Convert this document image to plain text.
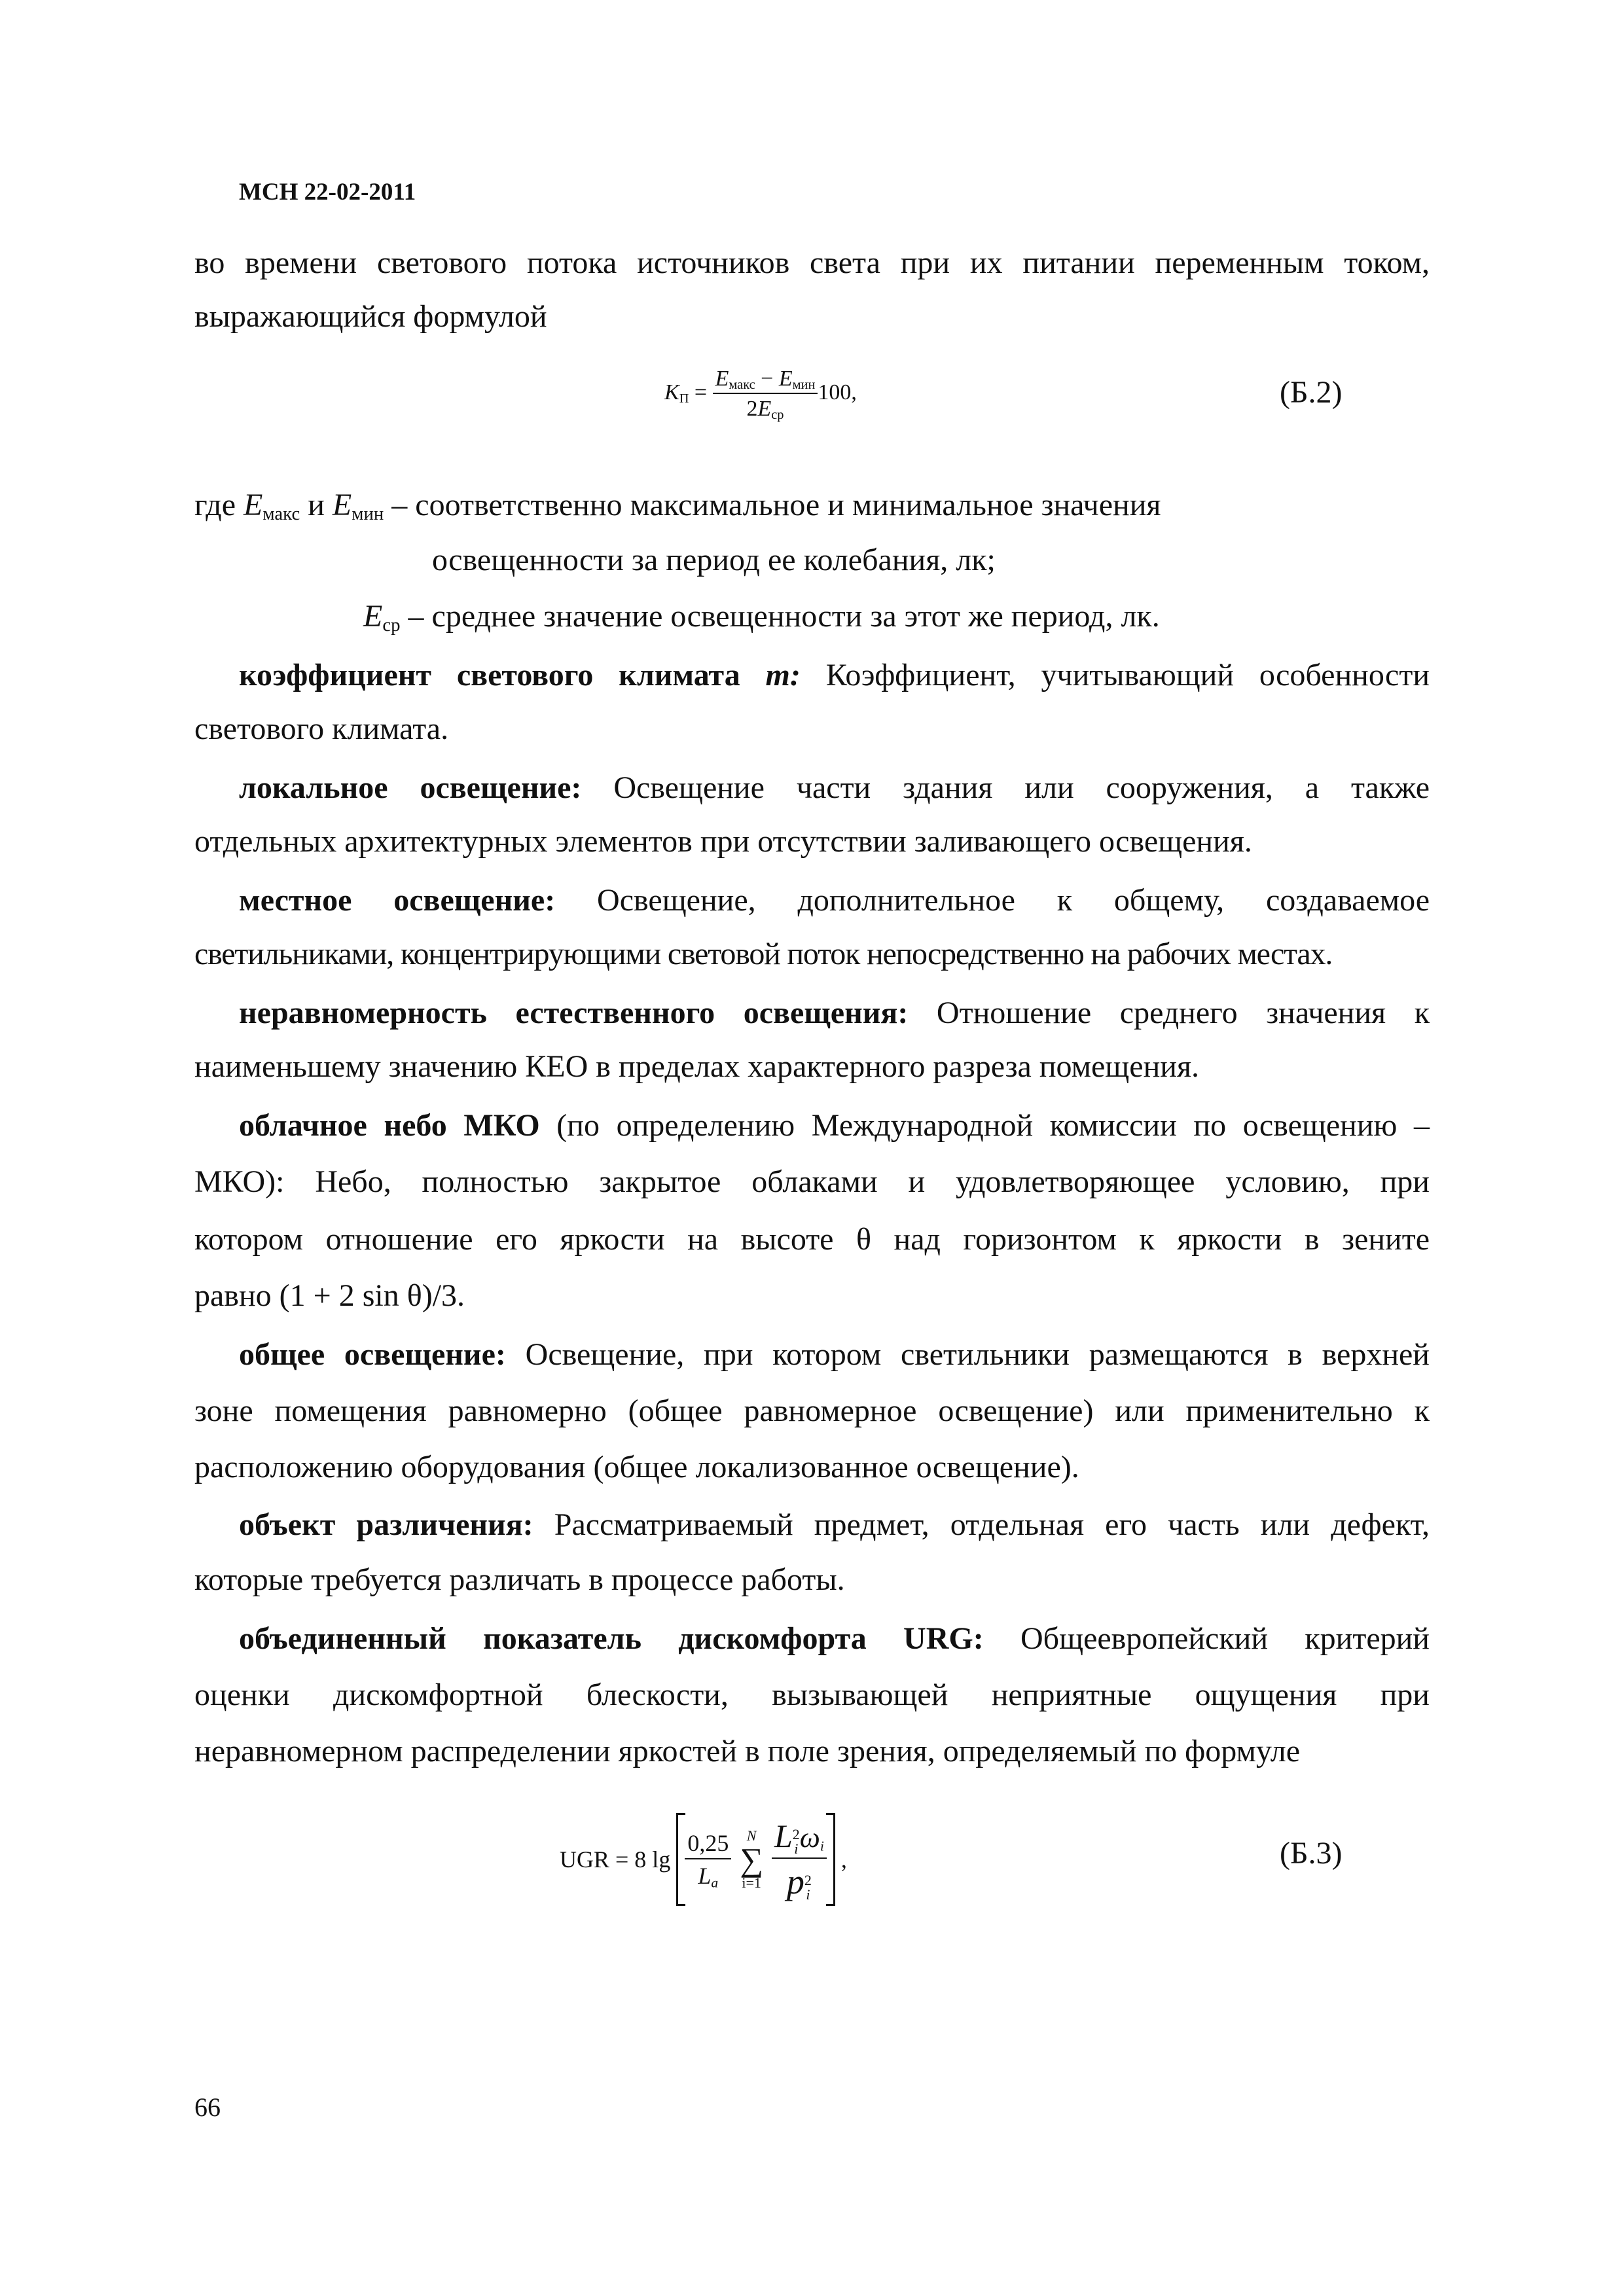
МСН 22-02-2011
во времени светового потока источников света при их питании переменным током,
выражающийся формулой
$K_П = \frac{E_{макс} - E_{мин}}{2E_{ср}} 100$,	(Б.2)
где $E_{макс}$ и $E_{мин}$ – соответственно максимальное и минимальное значения
освещенности за период ее колебания, лк;
$E_{ср}$ – среднее значение освещенности за этот же период, лк.
коэффициент светового климата m: Коэффициент, учитывающий особенности
светового климата.
локальное освещение: Освещение части здания или сооружения, а также
отдельных архитектурных элементов при отсутствии заливающего освещения.
местное освещение: Освещение, дополнительное к общему, создаваемое
светильниками, концентрирующими световой поток непосредственно на рабочих местах.
неравномерность естественного освещения: Отношение среднего значения к
наименьшему значению КЕО в пределах характерного разреза помещения.
облачное небо МКО (по определению Международной комиссии по освещению –
МКО): Небо, полностью закрытое облаками и удовлетворяющее условию, при
котором отношение его яркости на высоте θ над горизонтом к яркости в зените
равно (1 + 2 sin θ)/3.
общее освещение: Освещение, при котором светильники размещаются в верхней
зоне помещения равномерно (общее равномерное освещение) или применительно к
расположению оборудования (общее локализованное освещение).
объект различения: Рассматриваемый предмет, отдельная его часть или дефект,
которые требуется различать в процессе работы.
объединенный показатель дискомфорта URG: Общеевропейский критерий
оценки дискомфортной блескости, вызывающей неприятные ощущения при
неравномерном распределении яркостей в поле зрения, определяемый по формуле
UGR = 8 $\lg \frac{0,25}{L_a}$
	N
∑
i=1
L 2
i $\omega_i$
p 2
i ,	(Б.3)
66
